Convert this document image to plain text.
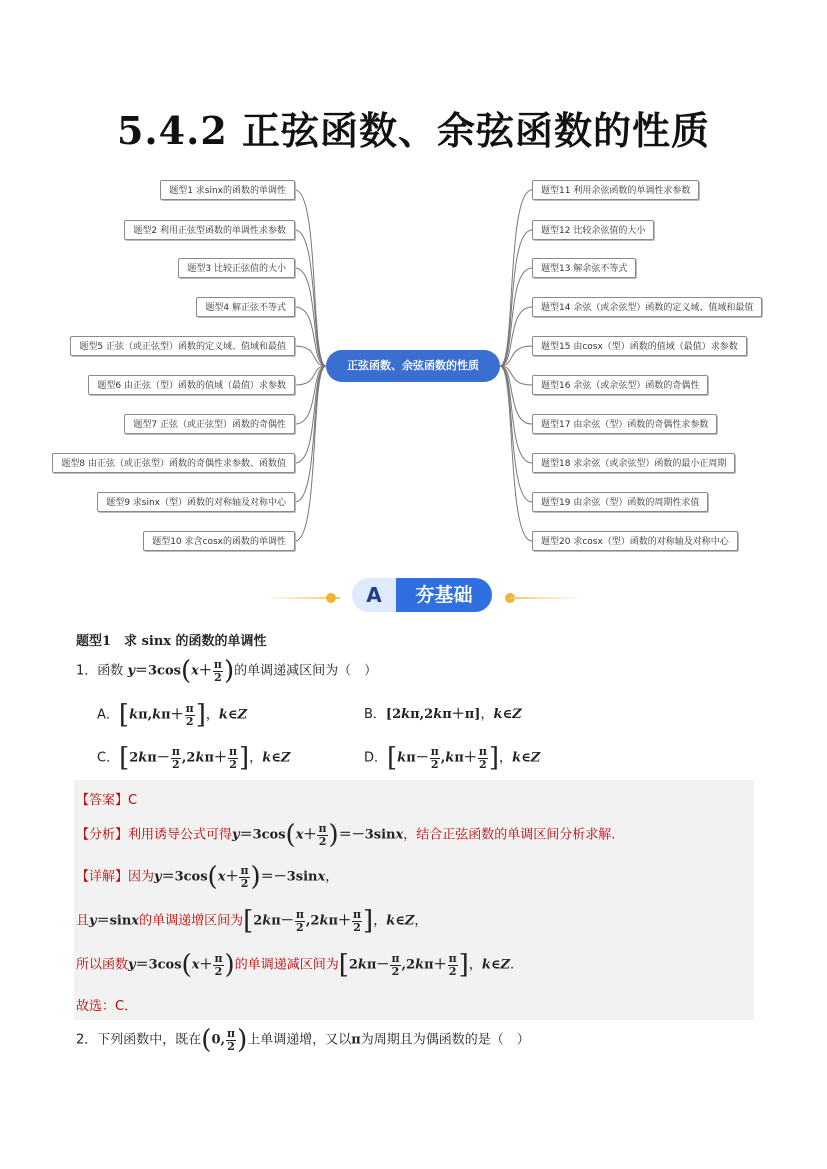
5.4.2 正弦函数、余弦函数的性质
题型1 求sinx的函数的单调性
题型2 利用正弦型函数的单调性求参数
题型3 比较正弦值的大小
题型4 解正弦不等式
题型5 正弦（或正弦型）函数的定义域、值域和最值
题型6 由正弦（型）函数的值域（最值）求参数
题型7 正弦（或正弦型）函数的奇偶性
题型8 由正弦（或正弦型）函数的奇偶性求参数、函数值
题型9 求sinx（型）函数的对称轴及对称中心
题型10 求含cosx的函数的单调性
题型11 利用余弦函数的单调性求参数
题型12 比较余弦值的大小
题型13 解余弦不等式
题型14 余弦（或余弦型）函数的定义域、值域和最值
题型15 由cosx（型）函数的值域（最值）求参数
题型16 余弦（或余弦型）函数的奇偶性
题型17 由余弦（型）函数的奇偶性求参数
题型18 求余弦（或余弦型）函数的最小正周期
题型19 由余弦（型）函数的周期性求值
题型20 求cosx（型）函数的对称轴及对称中心
正弦函数、余弦函数的性质
A	夯基础
题型1　求 sinx 的函数的单调性
1．函数 $y=3\cos(x+ \frac{\pi}{2}$ )的单调递减区间为（　）
A．[$k\pi,k\pi+ \frac{\pi}{2}$ ]，k∈Z	B．[2kπ,2kπ＋π]，k∈Z
C．[$2k\pi- \frac{\pi}{2} ,2k\pi+ \frac{\pi}{2}$ ]，k∈Z	D．[$k\pi- \frac{\pi}{2} ,k\pi+ \frac{\pi}{2}$ ]，k∈Z
【答案】C
【分析】利用诱导公式可得$y=3\cos(x+ \frac{\pi}{2} )=-3\sin x$，结合正弦函数的单调区间分析求解.
【详解】因为$y=3\cos(x+ \frac{\pi}{2} )=-3\sin x$，
且y＝sinx的单调递增区间为[$2k\pi- \frac{\pi}{2} ,2k\pi+ \frac{\pi}{2}$ ]，k∈Z，
所以函数$y=3\cos(x+ \frac{\pi}{2}$ )的单调递减区间为[$2k\pi- \frac{\pi}{2} ,2k\pi+ \frac{\pi}{2}$ ]，k∈Z.
故选：C．
2．下列函数中，既在(0, $\frac{\pi}{2}$ )上单调递增，又以π为周期且为偶函数的是（　）
